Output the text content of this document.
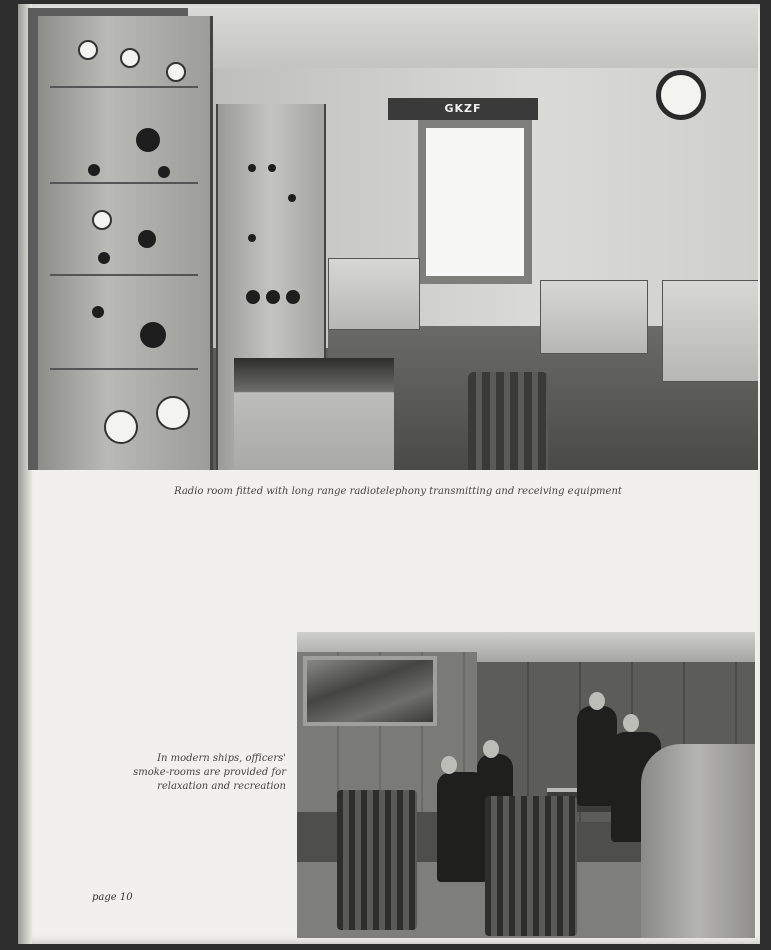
GKZF
Radio room fitted with long range radiotelephony transmitting and receiving equipment
In modern ships, officers' smoke-rooms are provided for relaxation and recreation
page 10
